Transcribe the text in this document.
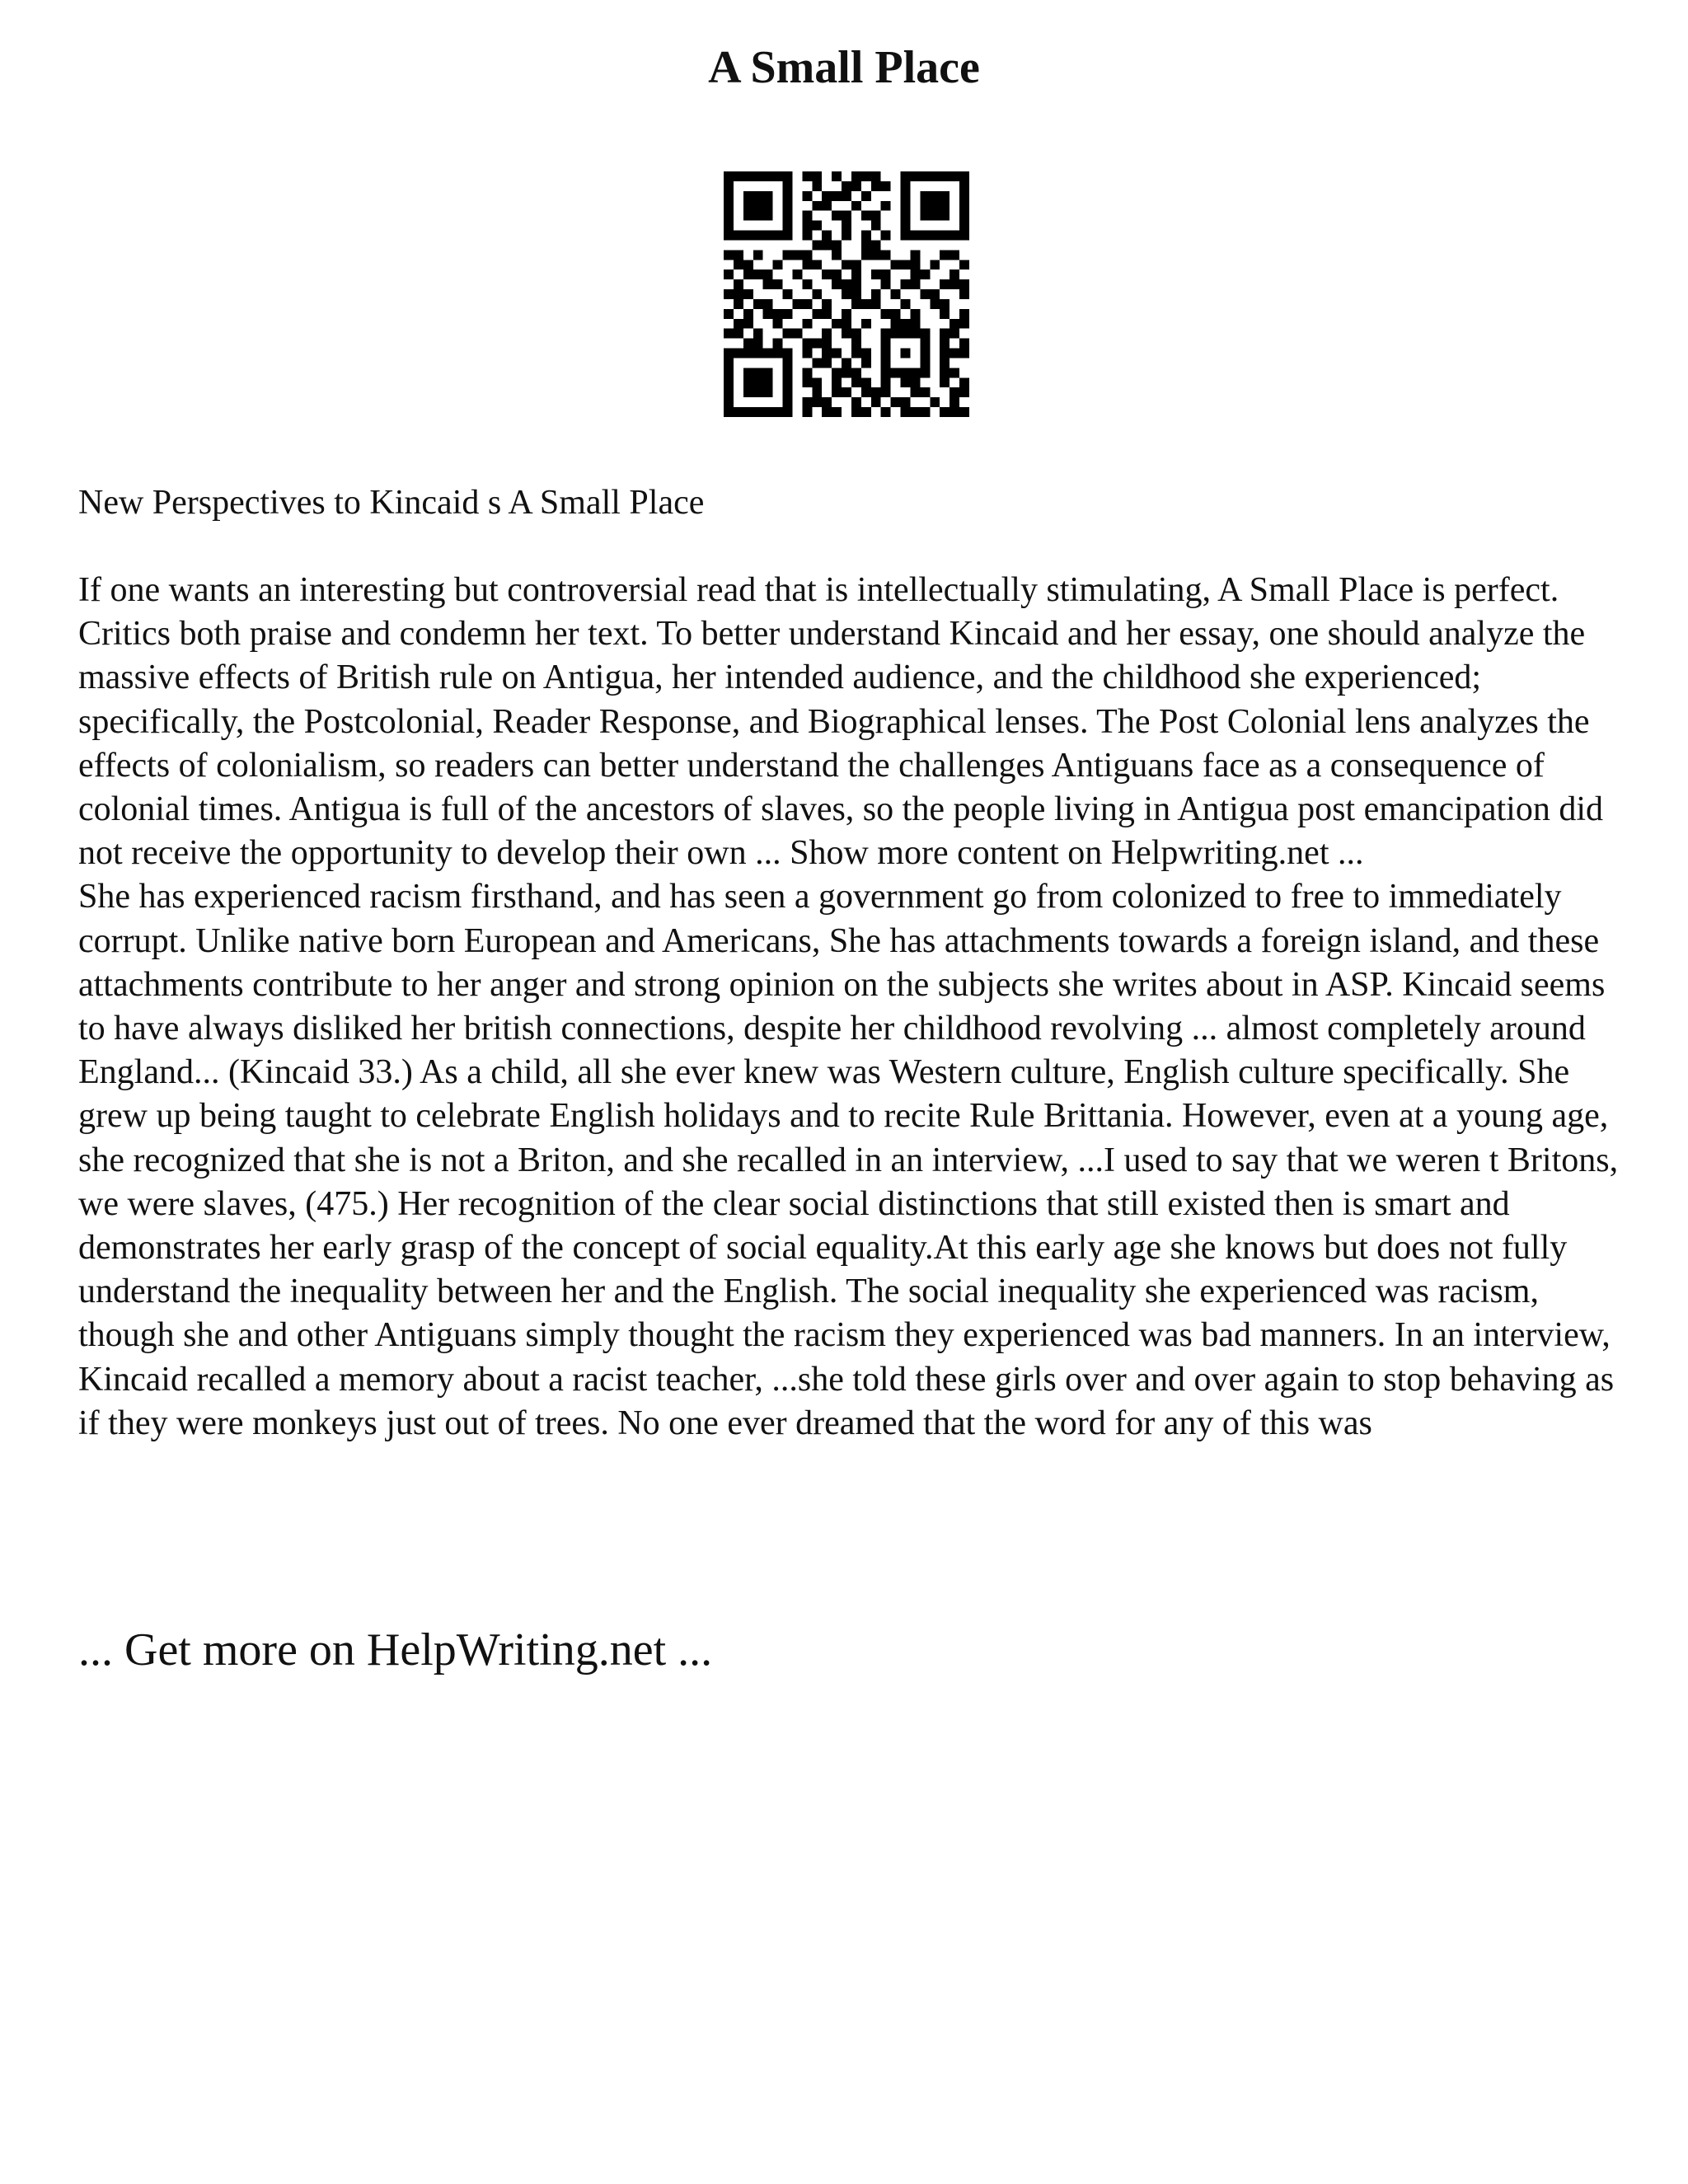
A Small Place
New Perspectives to Kincaid s A Small Place

If one wants an interesting but controversial read that is intellectually stimulating, A Small Place is perfect. Critics both praise and condemn her text. To better understand Kincaid and her essay, one should analyze the massive effects of British rule on Antigua, her intended audience, and the childhood she experienced; specifically, the Postcolonial, Reader Response, and Biographical lenses. The Post Colonial lens analyzes the effects of colonialism, so readers can better understand the challenges Antiguans face as a consequence of colonial times. Antigua is full of the ancestors of slaves, so the people living in Antigua post emancipation did not receive the opportunity to develop their own ... Show more content on Helpwriting.net ...

She has experienced racism firsthand, and has seen a government go from colonized to free to immediately corrupt. Unlike native born European and Americans, She has attachments towards a foreign island, and these attachments contribute to her anger and strong opinion on the subjects she writes about in ASP. Kincaid seems to have always disliked her british connections, despite her childhood revolving ... almost completely around England... (Kincaid 33.) As a child, all she ever knew was Western culture, English culture specifically. She grew up being taught to celebrate English holidays and to recite Rule Brittania. However, even at a young age, she recognized that she is not a Briton, and she recalled in an interview, ...I used to say that we weren t Britons, we were slaves, (475.) Her recognition of the clear social distinctions that still existed then is smart and demonstrates her early grasp of the concept of social equality.At this early age she knows but does not fully understand the inequality between her and the English. The social inequality she experienced was racism, though she and other Antiguans simply thought the racism they experienced was bad manners. In an interview, Kincaid recalled a memory about a racist teacher, ...she told these girls over and over again to stop behaving as if they were monkeys just out of trees. No one ever dreamed that the word for any of this was

... Get more on HelpWriting.net ...
